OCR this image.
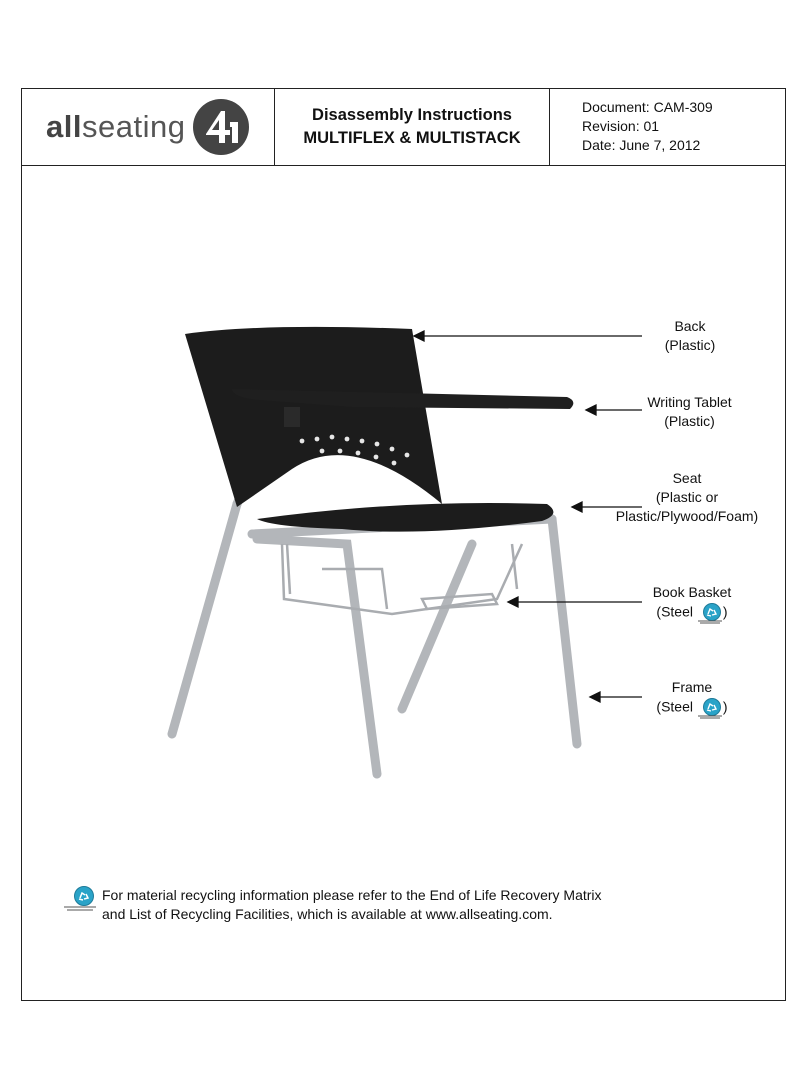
allseating	Disassembly Instructions
MULTIFLEX & MULTISTACK
Document: CAM-309
Revision: 01
Date: June 7, 2012
Back
(Plastic)
Writing Tablet
(Plastic)
Seat
(Plastic or
Plastic/Plywood/Foam)
Book Basket
(Steel )
Frame
(Steel )
For material recycling information please refer to the End of Life Recovery Matrix
and List of Recycling Facilities, which is available at www.allseating.com.
